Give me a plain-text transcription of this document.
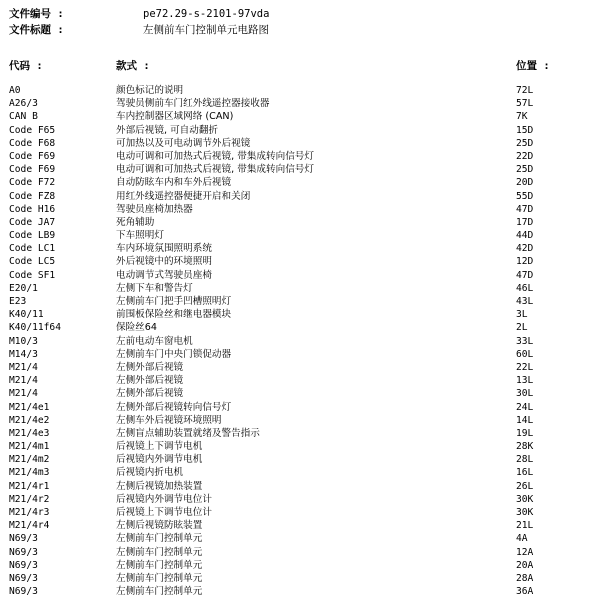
文件编号 :	pe72.29-s-2101-97vda
文件标题 :	左侧前车门控制单元电路图
代码 :	款式 :	位置 :
A0	颜色标记的说明	72L
A26/3	驾驶员侧前车门红外线遥控器接收器	57L
CAN B	车内控制器区域网络 (CAN)	7K
Code F65	外部后视镜, 可自动翻折	15D
Code F68	可加热以及可电动调节外后视镜	25D
Code F69	电动可调和可加热式后视镜, 带集成转向信号灯	22D
Code F69	电动可调和可加热式后视镜, 带集成转向信号灯	25D
Code F72	自动防眩车内和车外后视镜	20D
Code FZ8	用红外线遥控器便捷开启和关闭	55D
Code H16	驾驶员座椅加热器	47D
Code JA7	死角辅助	17D
Code LB9	下车照明灯	44D
Code LC1	车内环境氛围照明系统	42D
Code LC5	外后视镜中的环境照明	12D
Code SF1	电动调节式驾驶员座椅	47D
E20/1	左侧下车和警告灯	46L
E23	左侧前车门把手凹槽照明灯	43L
K40/11	前围板保险丝和继电器模块	3L
K40/11f64	保险丝64	2L
M10/3	左前电动车窗电机	33L
M14/3	左侧前车门中央门锁促动器	60L
M21/4	左侧外部后视镜	22L
M21/4	左侧外部后视镜	13L
M21/4	左侧外部后视镜	30L
M21/4e1	左侧外部后视镜转向信号灯	24L
M21/4e2	左侧车外后视镜环境照明	14L
M21/4e3	左侧盲点辅助装置就绪及警告指示	19L
M21/4m1	后视镜上下调节电机	28K
M21/4m2	后视镜内外调节电机	28L
M21/4m3	后视镜内折电机	16L
M21/4r1	左侧后视镜加热装置	26L
M21/4r2	后视镜内外调节电位计	30K
M21/4r3	后视镜上下调节电位计	30K
M21/4r4	左侧后视镜防眩装置	21L
N69/3	左侧前车门控制单元	4A
N69/3	左侧前车门控制单元	12A
N69/3	左侧前车门控制单元	20A
N69/3	左侧前车门控制单元	28A
N69/3	左侧前车门控制单元	36A
